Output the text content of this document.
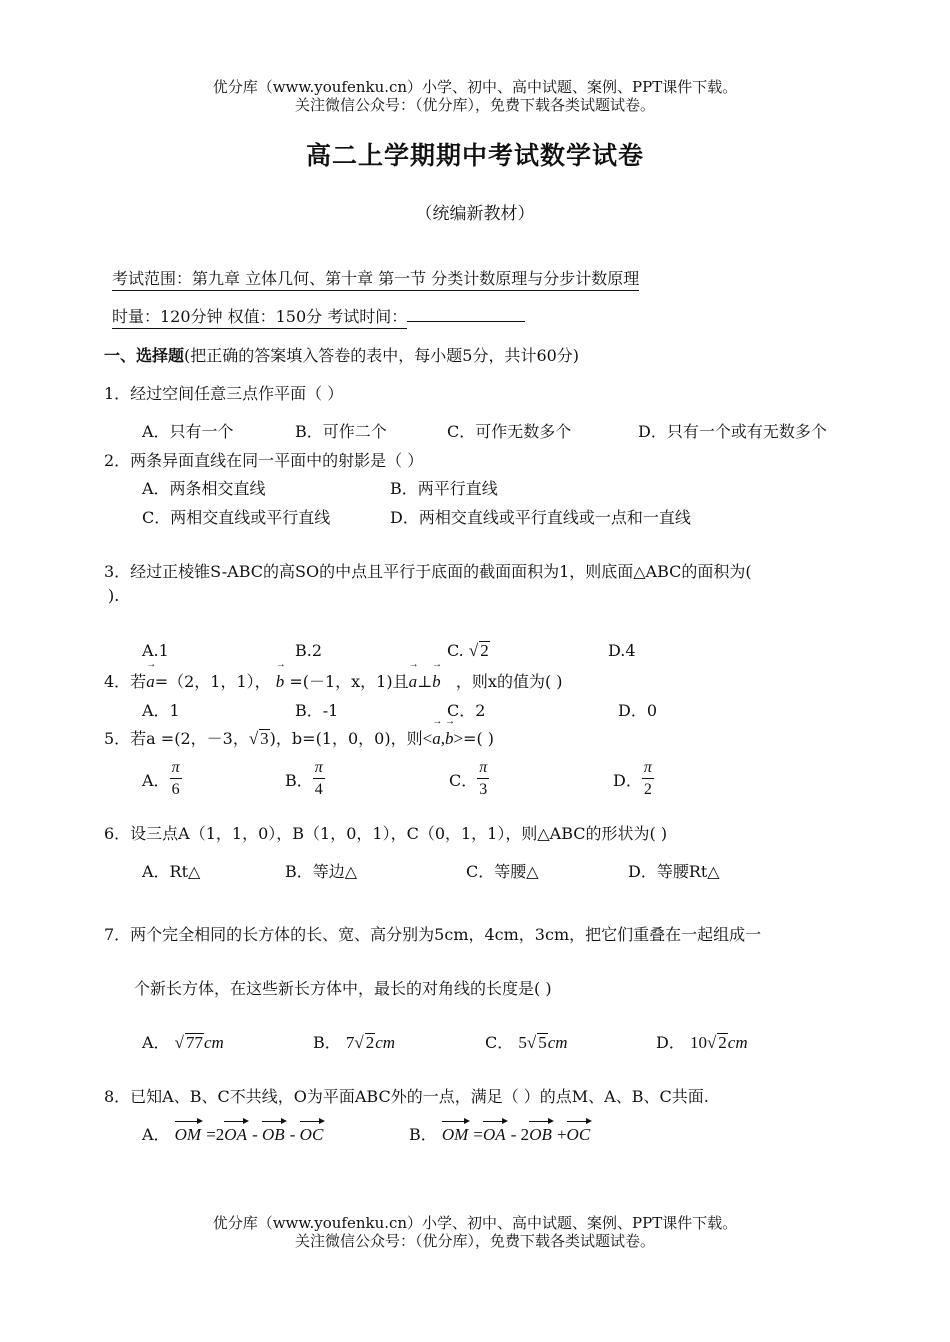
优分库（www.youfenku.cn）小学、初中、高中试题、案例、PPT课件下载。
关注微信公众号：（优分库），免费下载各类试题试卷。
高二上学期期中考试数学试卷
（统编新教材）
考试范围：第九章 立体几何、第十章 第一节 分类计数原理与分步计数原理
时量：120分钟 权值：150分 考试时间：
一、选择题(把正确的答案填入答卷的表中，每小题5分，共计60分)
1．经过空间任意三点作平面（ ）
A．只有一个	B．可作二个	C．可作无数多个	D．只有一个或有无数多个
2．两条异面直线在同一平面中的射影是（ ）
A．两条相交直线	B．两平行直线
C．两相交直线或平行直线	D．两相交直线或平行直线或一点和一直线
3．经过正棱锥S-ABC的高SO的中点且平行于底面的截面面积为1，则底面△ABC的面积为(
).
A.1	B.2	C. √ 2	D.4
4．若→ a=（2，1，1）， → b =(－1，x，1)且→ a⊥→ b ，则x的值为( )
A．1	B．-1	C．2	D．0
5．若a =(2，－3，√ 3)，b=(1，0，0)，则<→ a,→ b>=( )
A． $\frac{\pi}{6}$	B． $\frac{\pi}{4}$	C． $\frac{\pi}{3}$	D． $\frac{\pi}{2}$
6．设三点A（1，1，0），B（1，0，1），C（0，1，1），则△ABC的形状为( )
A．Rt△	B．等边△	C．等腰△	D．等腰Rt△
7．两个完全相同的长方体的长、宽、高分别为5cm，4cm，3cm，把它们重叠在一起组成一
个新长方体，在这些新长方体中，最长的对角线的长度是( )
A． √ 77cm	B． 7√ 2cm	C． 5√ 5cm	D． 10√ 2cm
8．已知A、B、C不共线，O为平面ABC外的一点，满足（ ）的点M、A、B、C共面.
A． OM =2OA - OB - OC	B． OM =OA - 2OB +OC
优分库（www.youfenku.cn）小学、初中、高中试题、案例、PPT课件下载。
关注微信公众号：（优分库），免费下载各类试题试卷。
